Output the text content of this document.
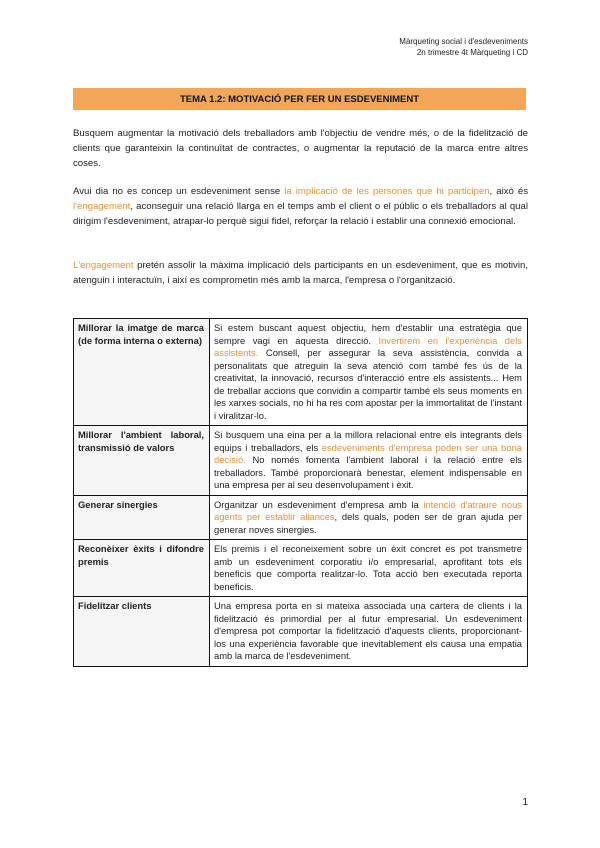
Màrqueting social i d'esdeveniments
2n trimestre 4t Màrqueting i CD
TEMA 1.2: MOTIVACIÓ PER FER UN ESDEVENIMENT
Busquem augmentar la motivació dels treballadors amb l'objectiu de vendre més, o de la fidelització de clients que garanteixin la continuïtat de contractes, o augmentar la reputació de la marca entre altres coses.
Avui dia no es concep un esdeveniment sense la implicació de les persones que hi participen, això és l'engagement, aconseguir una relació llarga en el temps amb el client o el públic o els treballadors al qual dirigim l'esdeveniment, atrapar-lo perquè sigui fidel, reforçar la relació i establir una connexió emocional.
L'engagement pretén assolir la màxima implicació dels participants en un esdeveniment, que es motivin, atenguin i interactuïn, i així es comprometin més amb la marca, l'empresa o l'organització.
Millorar la imatge de marca (de forma interna o externa)	Si estem buscant aquest objectiu, hem d'establir una estratègia que sempre vagi en aquesta direcció. Invertirem en l'experiència dels assistents. Consell, per assegurar la seva assistència, convida a personalitats que atreguin la seva atenció com també fes ús de la creativitat, la innovació, recursos d'interacció entre els assistents... Hem de treballar accions que convidin a compartir també els seus moments en les xarxes socials, no hi ha res com apostar per la immortalitat de l'instant i viralitzar-lo.
Millorar l'ambient laboral, transmissió de valors	Si busquem una eina per a la millora relacional entre els integrants dels equips i treballadors, els esdeveniments d'empresa poden ser una bona decisió. No només fomenta l'ambient laboral i la relació entre els treballadors. També proporcionarà benestar, element indispensable en una empresa per al seu desenvolupament i èxit.
Generar sinergies	Organitzar un esdeveniment d'empresa amb la intenció d'atraure nous agents per establir aliances, dels quals, poden ser de gran ajuda per generar noves sinergies.
Reconèixer èxits i difondre premis	Els premis i el reconeixement sobre un èxit concret es pot transmetre amb un esdeveniment corporatiu i/o empresarial, aprofitant tots els beneficis que comporta realitzar-lo. Tota acció ben executada reporta beneficis.
Fidelitzar clients	Una empresa porta en si mateixa associada una cartera de clients i la fidelització és primordial per al futur empresarial. Un esdeveniment d'empresa pot comportar la fidelització d'aquests clients, proporcionant-los una experiència favorable que inevitablement els causa una empatia amb la marca de l'esdeveniment.
1
